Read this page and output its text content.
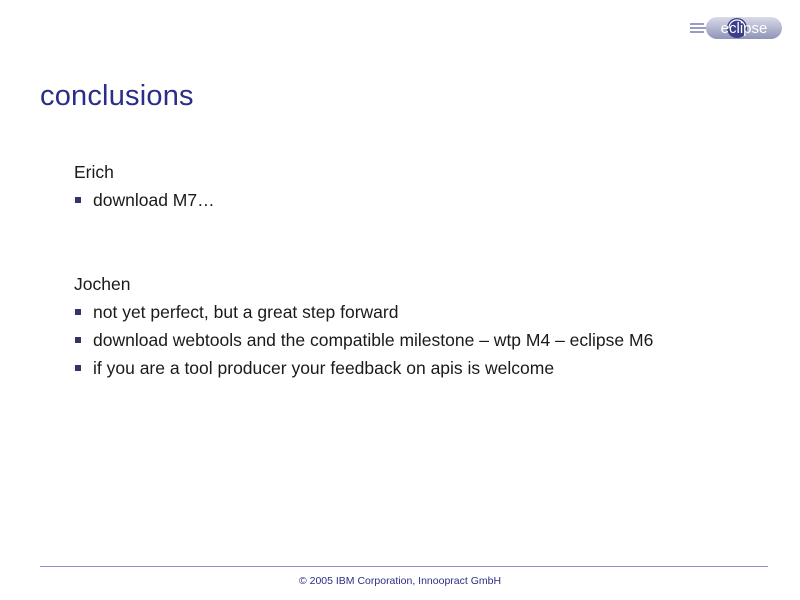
eclipse
conclusions

Erich

download M7…

Jochen

not yet perfect, but a great step forward
download webtools and the compatible milestone – wtp M4 – eclipse M6
if you are a tool producer your feedback on apis is welcome
© 2005 IBM Corporation, Innoopract GmbH
